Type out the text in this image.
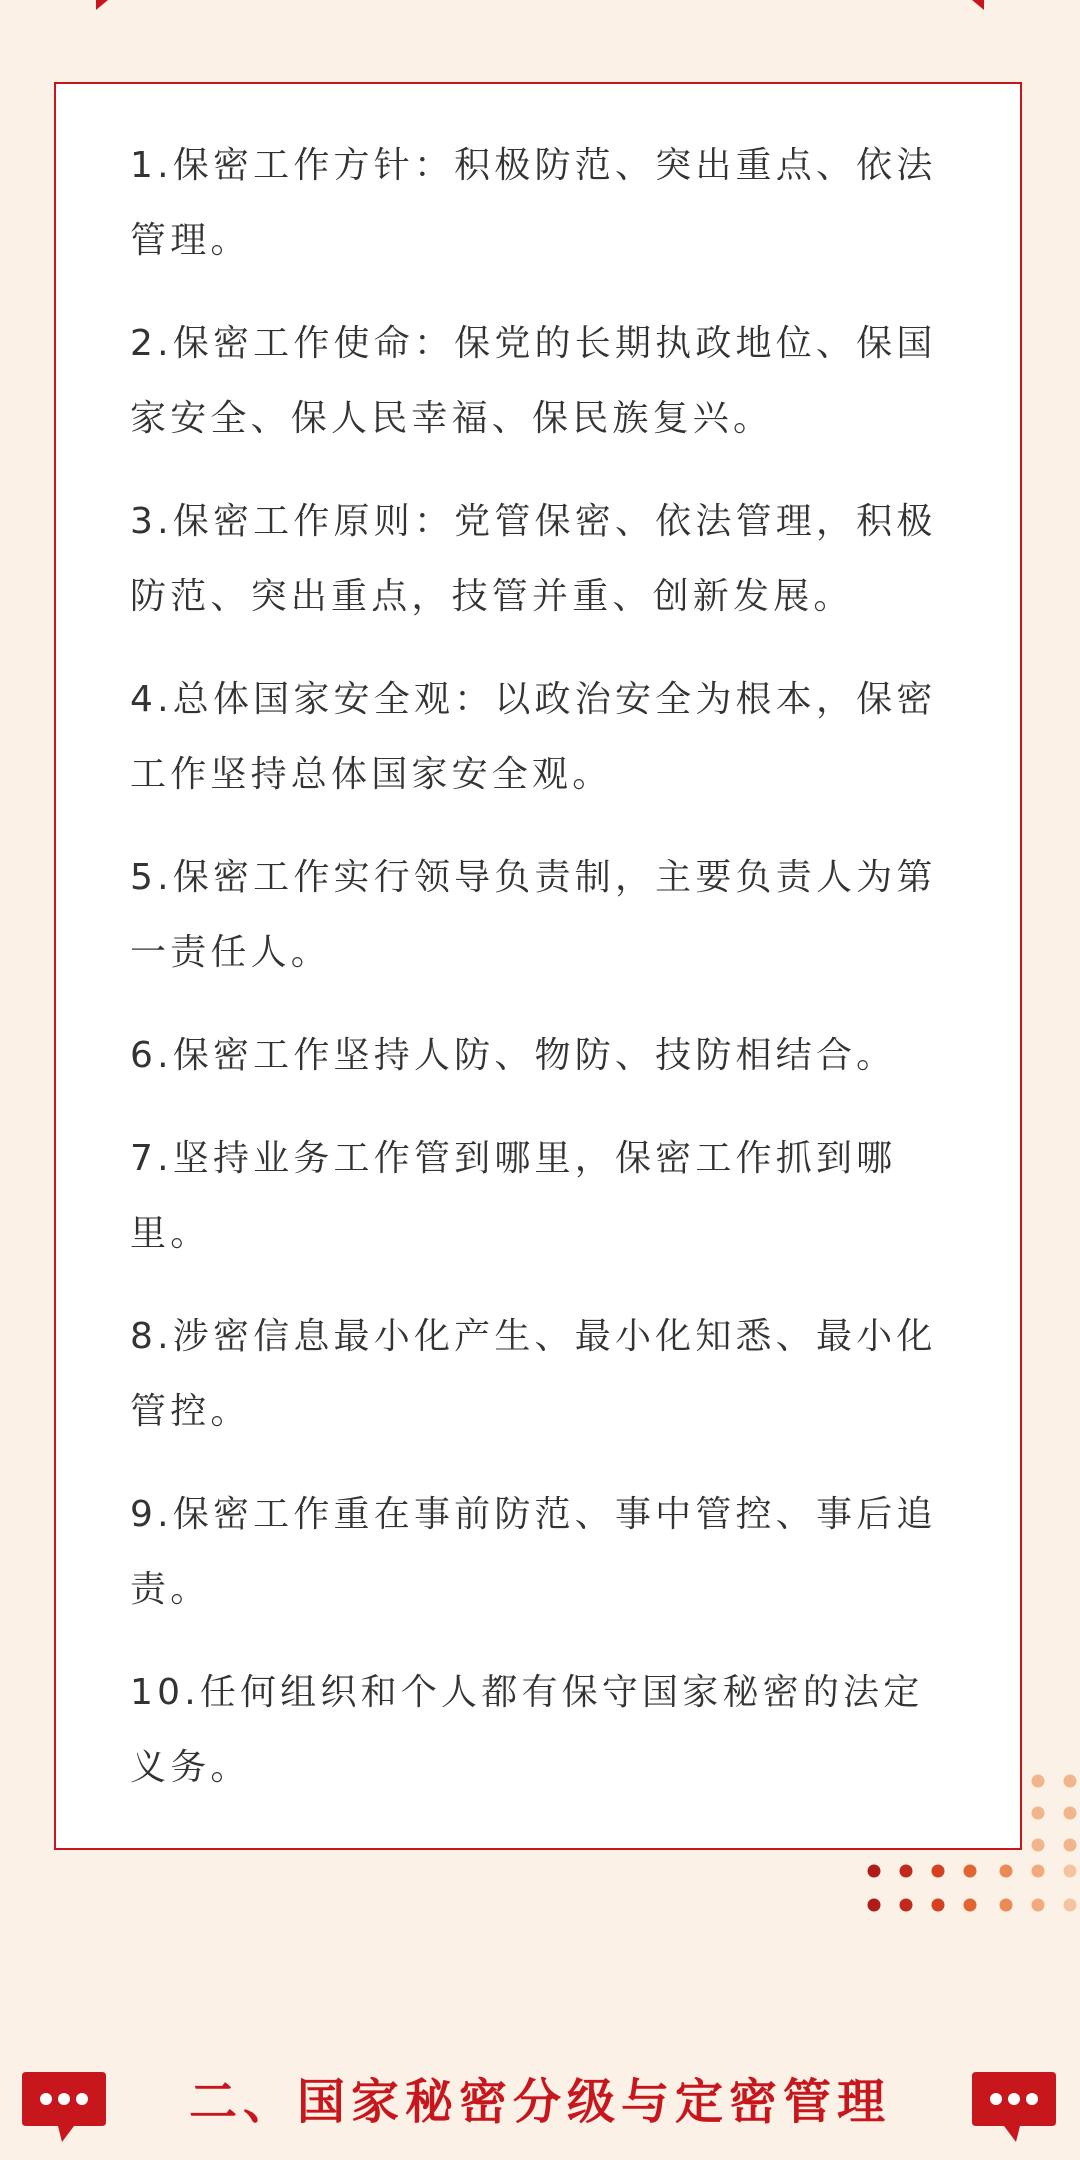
1.保密工作方针：积极防范、突出重点、依法管理。
2.保密工作使命：保党的长期执政地位、保国家安全、保人民幸福、保民族复兴。
3.保密工作原则：党管保密、依法管理，积极防范、突出重点，技管并重、创新发展。
4.总体国家安全观：以政治安全为根本，保密工作坚持总体国家安全观。
5.保密工作实行领导负责制，主要负责人为第一责任人。
6.保密工作坚持人防、物防、技防相结合。
7.坚持业务工作管到哪里，保密工作抓到哪里。
8.涉密信息最小化产生、最小化知悉、最小化管控。
9.保密工作重在事前防范、事中管控、事后追责。
10.任何组织和个人都有保守国家秘密的法定义务。
二、国家秘密分级与定密管理
